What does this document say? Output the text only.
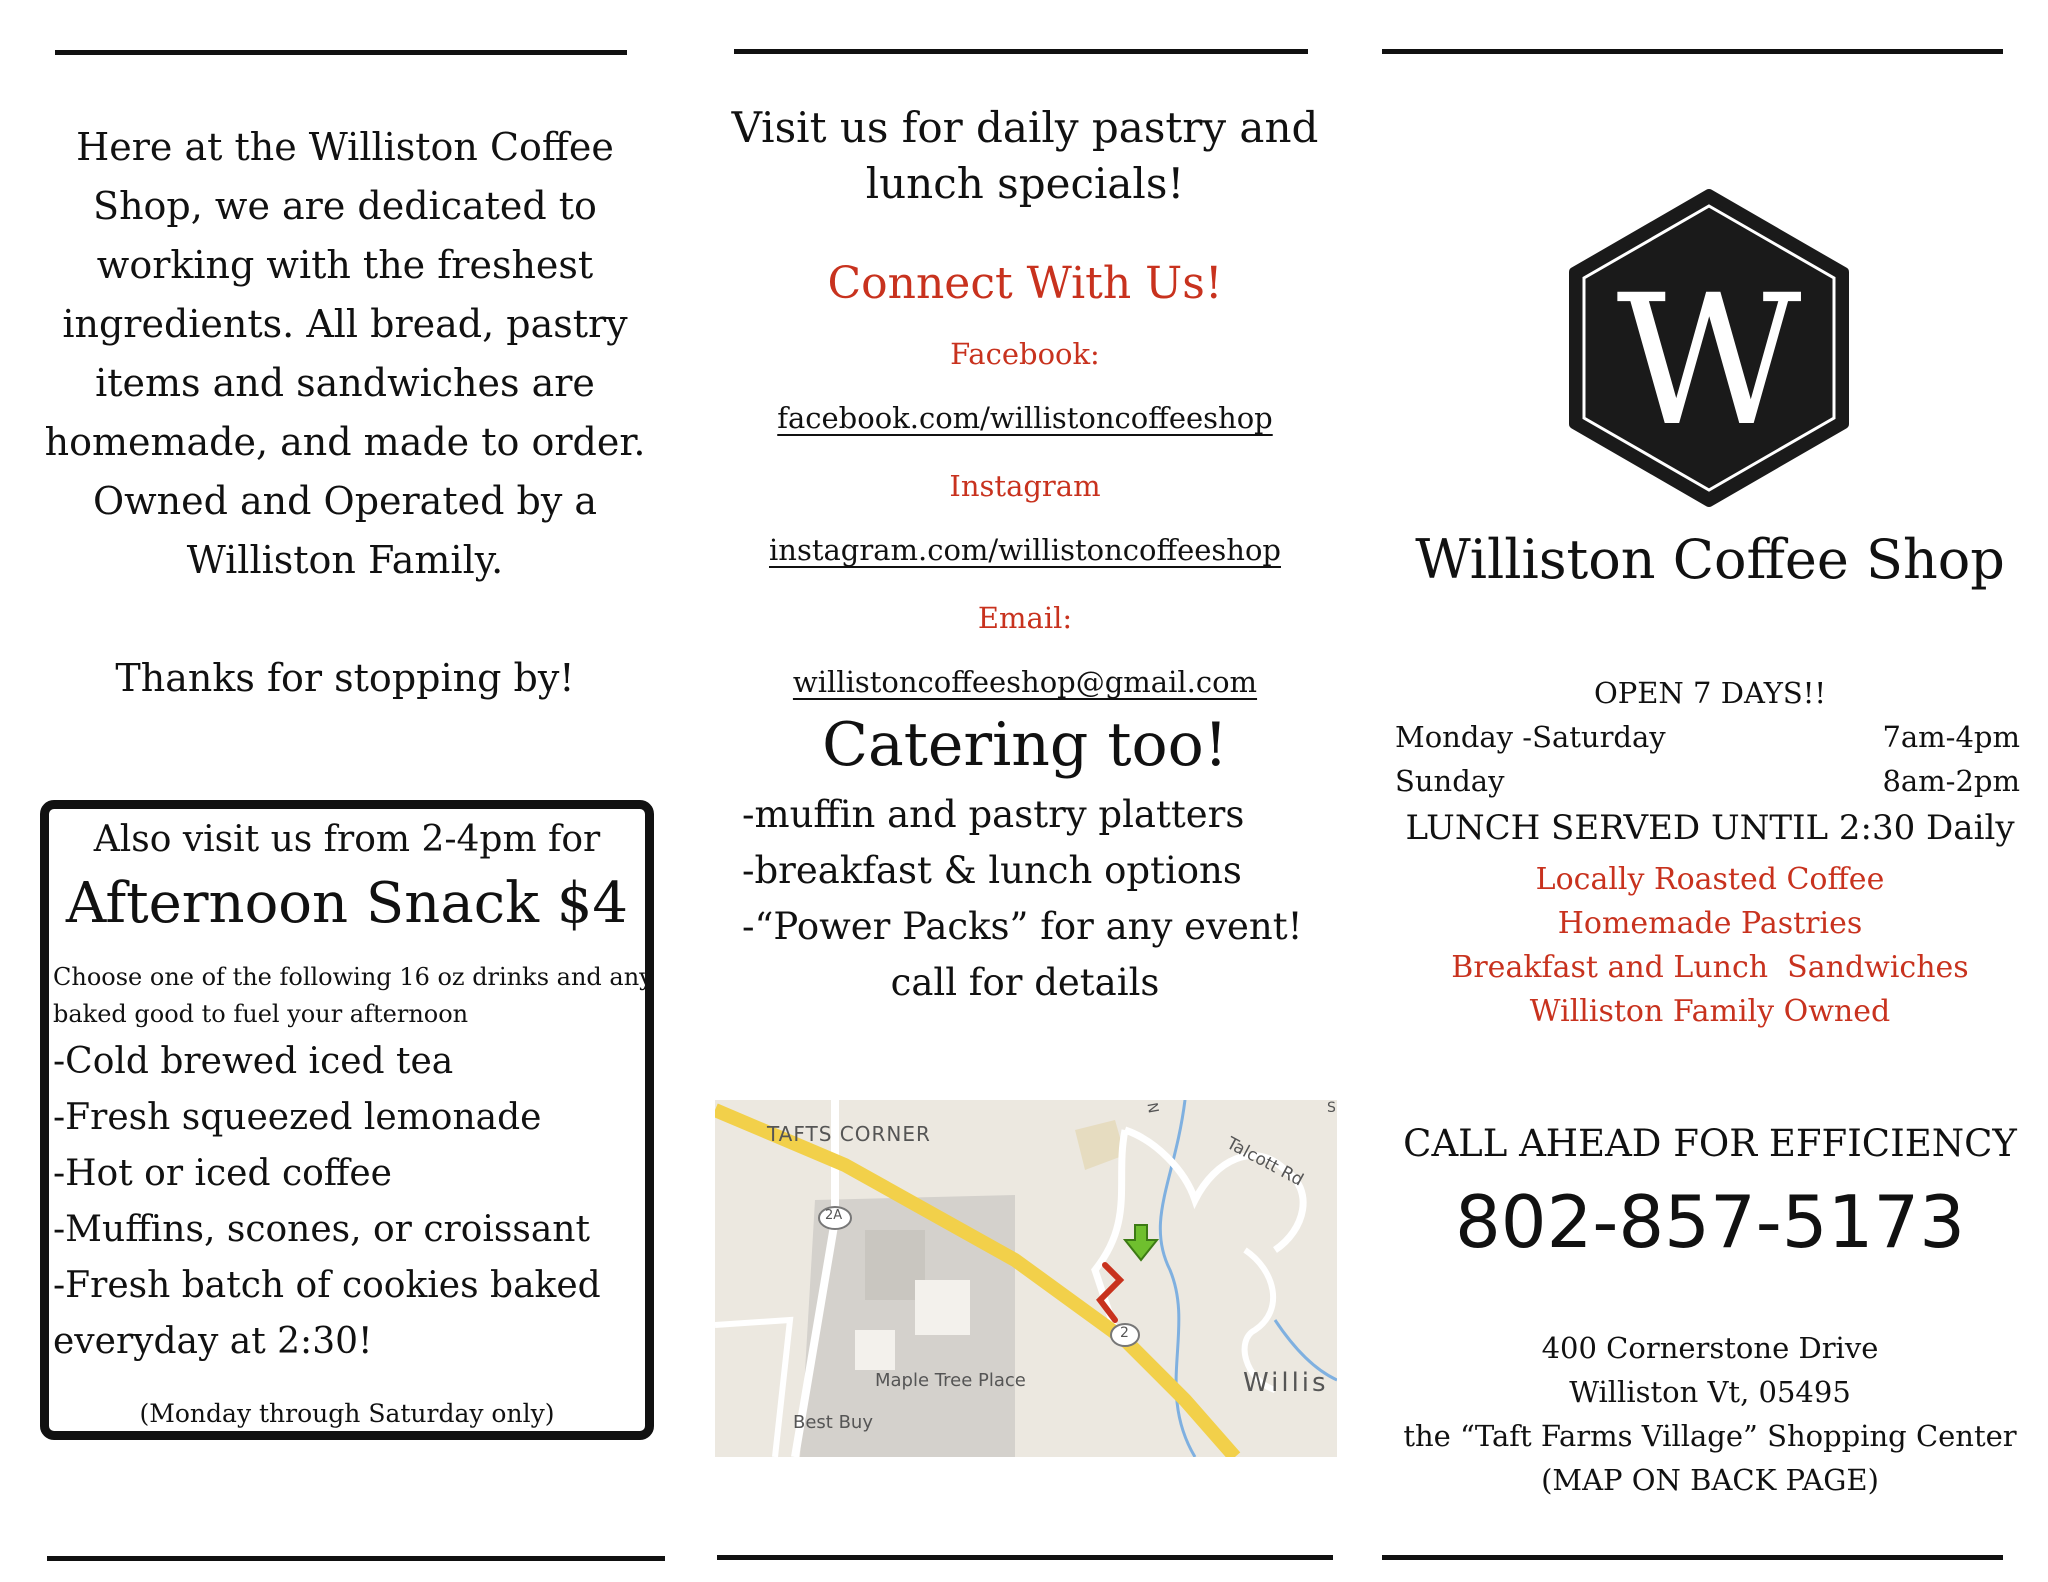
Here at the Williston Coffee Shop, we are dedicated to working with the freshest ingredients. All bread, pastry items and sandwiches are homemade, and made to order. Owned and Operated by a Williston Family.

Thanks for stopping by!

Also visit us from 2-4pm for
Afternoon Snack $4
Choose one of the following 16 oz drinks and any baked good to fuel your afternoon
-Cold brewed iced tea
-Fresh squeezed lemonade
-Hot or iced coffee
-Muffins, scones, or croissant
-Fresh batch of cookies baked everyday at 2:30!
(Monday through Saturday only)

Visit us for daily pastry and lunch specials!

Connect With Us!

Facebook:

facebook.com/willistoncoffeeshop

Instagram

instagram.com/willistoncoffeeshop

Email:

willistoncoffeeshop@gmail.com

Catering too!

-muffin and pastry platters
-breakfast & lunch options
-“Power Packs” for any event!

call for details

TAFTS CORNER	Talcott Rd
Maple Tree Place
Best Buy
Willis
2A
2
N	S
W
Williston Coffee Shop
OPEN 7 DAYS!!
Monday -Saturday	7am-4pm
Sunday	8am-2pm
LUNCH SERVED UNTIL 2:30 Daily
Locally Roasted Coffee
Homemade Pastries
Breakfast and Lunch  Sandwiches
Williston Family Owned
CALL AHEAD FOR EFFICIENCY
802-857-5173

400 Cornerstone Drive

Williston Vt, 05495

the “Taft Farms Village” Shopping Center

(MAP ON BACK PAGE)
